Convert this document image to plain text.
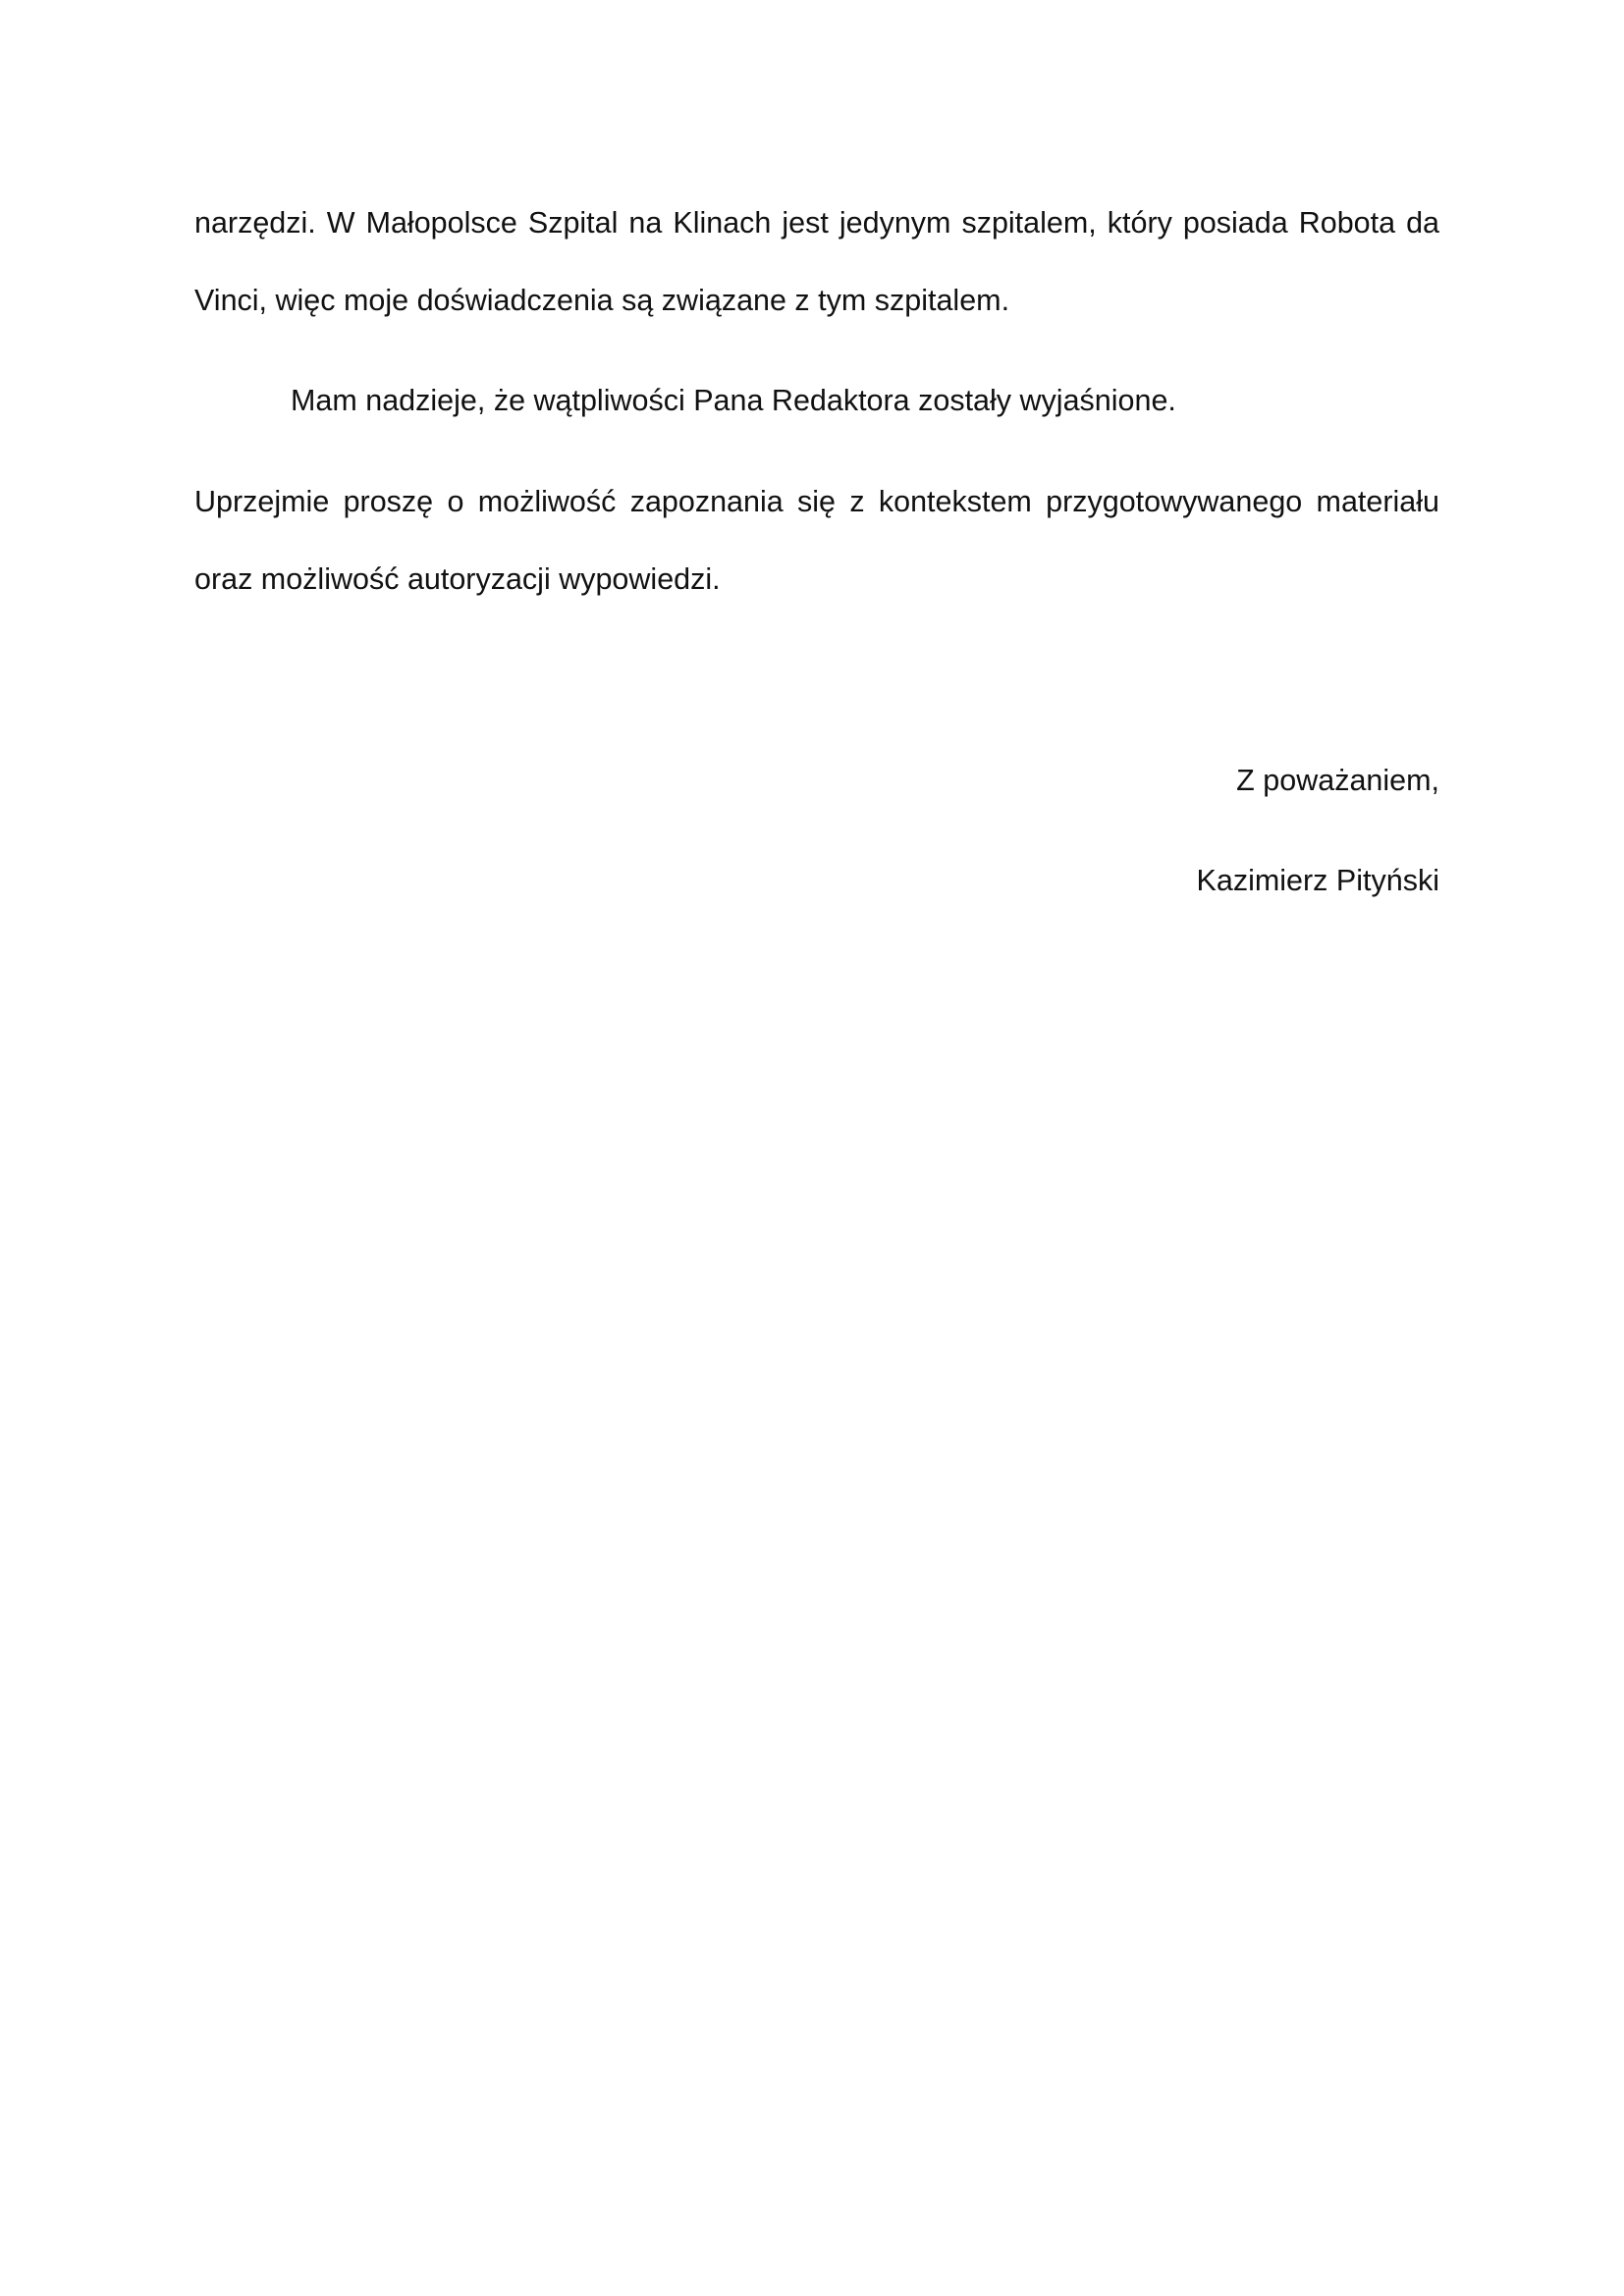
narzędzi. W Małopolsce Szpital na Klinach jest jedynym szpitalem, który posiada Robota da Vinci, więc moje doświadczenia są związane z tym szpitalem.

Mam nadzieje, że wątpliwości Pana Redaktora zostały wyjaśnione.

Uprzejmie proszę o możliwość zapoznania się z kontekstem przygotowywanego materiału oraz możliwość autoryzacji wypowiedzi.

Z poważaniem,

Kazimierz Pityński
